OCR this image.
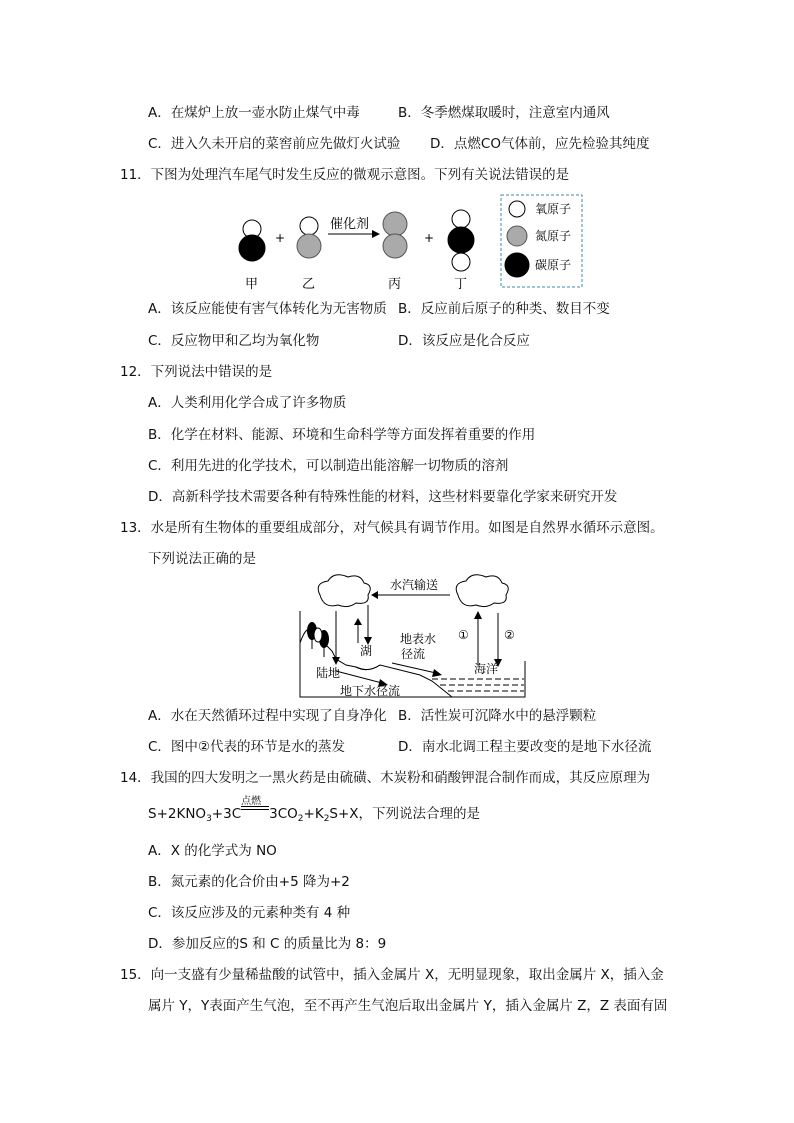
A．在煤炉上放一壶水防止煤气中毒	B．冬季燃煤取暖时，注意室内通风
C．进入久未开启的菜窖前应先做灯火试验 D．点燃CO气体前，应先检验其纯度
11．下图为处理汽车尾气时发生反应的微观示意图。下列有关说法错误的是
+
催化剂
+
甲	乙	丙	丁
氧原子
氮原子
碳原子
A．该反应能使有害气体转化为无害物质 B．反应前后原子的种类、数目不变
C．反应物甲和乙均为氧化物	D．该反应是化合反应
12．下列说法中错误的是
A．人类利用化学合成了许多物质
B．化学在材料、能源、环境和生命科学等方面发挥着重要的作用
C．利用先进的化学技术，可以制造出能溶解一切物质的溶剂
D．高新科学技术需要各种有特殊性能的材料，这些材料要靠化学家来研究开发
13．水是所有生物体的重要组成部分，对气候具有调节作用。如图是自然界水循环示意图。
下列说法正确的是
水汽输送
湖
陆地
地表水
径流
地下水径流
①	②
海洋
A．水在天然循环过程中实现了自身净化 B．活性炭可沉降水中的悬浮颗粒
C．图中②代表的环节是水的蒸发	D．南水北调工程主要改变的是地下水径流
14．我国的四大发明之一黑火药是由硫磺、木炭粉和硝酸钾混合制作而成，其反应原理为
$S+2KNO_3+3C$
点燃
$3CO_2+K_2S+X$，下列说法合理的是
A．X 的化学式为 NO
B．氮元素的化合价由+5 降为+2
C．该反应涉及的元素种类有 4 种
D．参加反应的S 和 C 的质量比为 8：9
15．向一支盛有少量稀盐酸的试管中，插入金属片 X，无明显现象，取出金属片 X，插入金
属片 Y，Y表面产生气泡，至不再产生气泡后取出金属片 Y，插入金属片 Z，Z 表面有固
